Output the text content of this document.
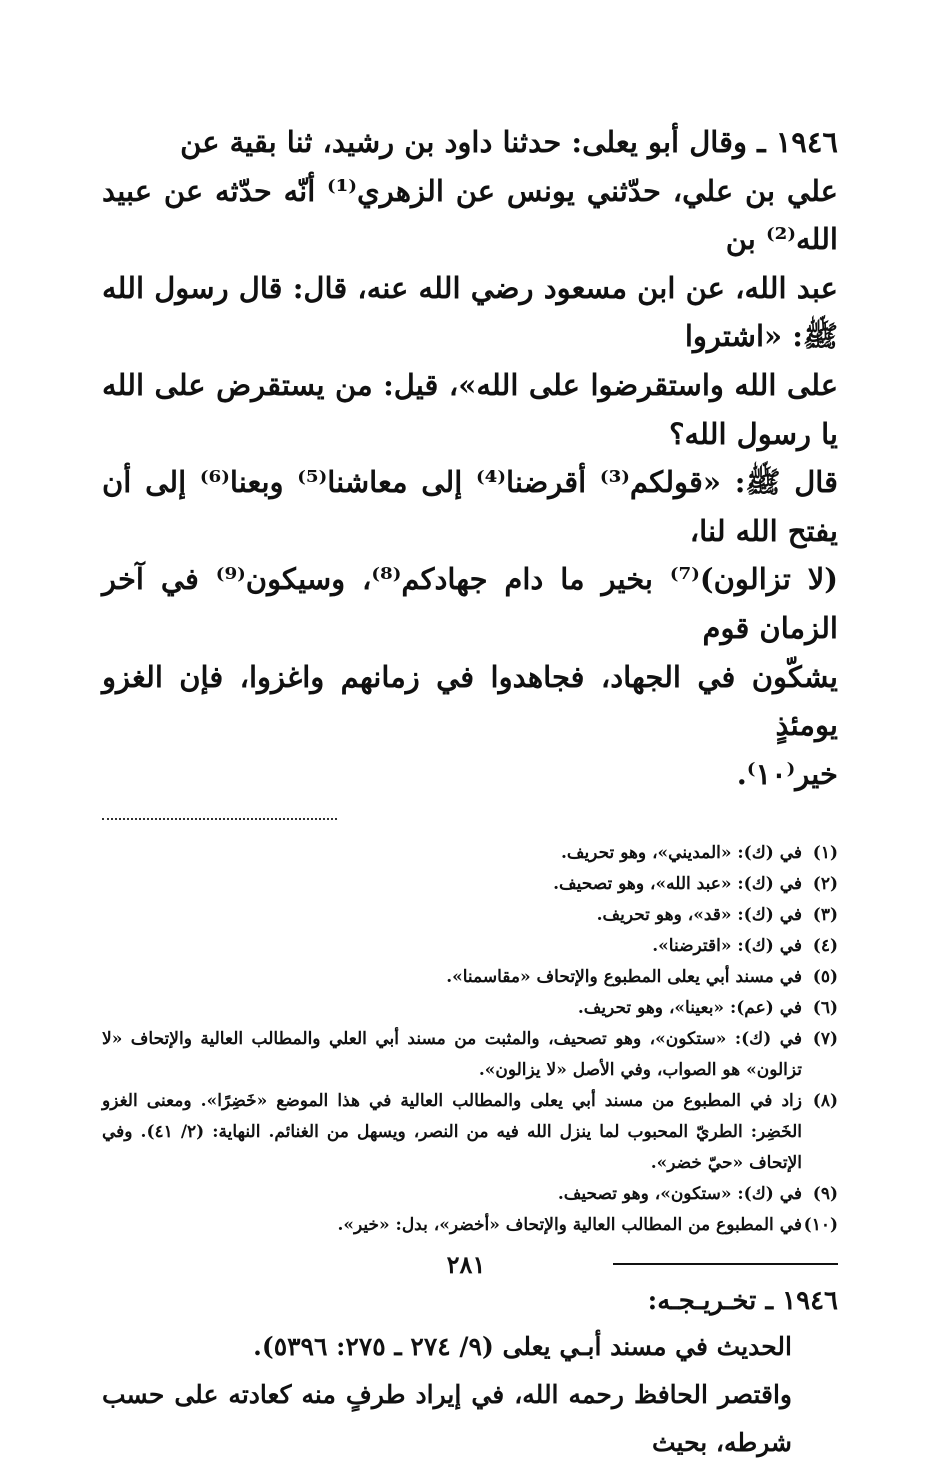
١٩٤٦ ـ وقال أبو يعلى: حدثنا داود بن رشيد، ثنا بقية عن
علي بن علي، حدّثني يونس عن الزهري⁽¹⁾ أنّه حدّثه عن عبيد الله⁽²⁾ بن
عبد الله، عن ابن مسعود رضي الله عنه، قال: قال رسول الله ﷺ: «اشتروا
على الله واستقرضوا على الله»، قيل: من يستقرض على الله يا رسول الله؟
قال ﷺ: «قولكم⁽³⁾ أقرضنا⁽⁴⁾ إلى معاشنا⁽⁵⁾ وبعنا⁽⁶⁾ إلى أن يفتح الله لنا،
(لا تزالون)⁽⁷⁾ بخير ما دام جهادكم⁽⁸⁾، وسيكون⁽⁹⁾ في آخر الزمان قوم
يشكّون في الجهاد، فجاهدوا في زمانهم واغزوا، فإن الغزو يومئذٍ
خير⁽١٠⁾.
(١)
في (ك): «المديني»، وهو تحريف.
(٢)
في (ك): «عبد الله»، وهو تصحيف.
(٣)
في (ك): «قد»، وهو تحريف.
(٤)
في (ك): «اقترضنا».
(٥)
في مسند أبي يعلى المطبوع والإتحاف «مقاسمنا».
(٦)
في (عم): «بعينا»، وهو تحريف.
(٧)
في (ك): «ستكون»، وهو تصحيف، والمثبت من مسند أبي العلي والمطالب العالية والإتحاف «لا تزالون» هو الصواب، وفي الأصل «لا يزالون».
(٨)
زاد في المطبوع من مسند أبي يعلى والمطالب العالية في هذا الموضع «خَضِرًا». ومعنى الغزو الخَضِر: الطريّ المحبوب لما ينزل الله فيه من النصر، ويسهل من الغنائم. النهاية: (٢/ ٤١). وفي الإتحاف «حيّ خضر».
(٩)
في (ك): «ستكون»، وهو تصحيف.
(١٠)
في المطبوع من المطالب العالية والإتحاف «أخضر»، بدل: «خير».
١٩٤٦ ـ تخـريـجـه:
الحديث في مسند أبـي يعلى (٩/ ٢٧٤ ـ ٢٧٥: ٥٣٩٦).
واقتصر الحافظ رحمه الله، في إيراد طرفٍ منه كعادته على حسب شرطه، بحيث
٢٨١
